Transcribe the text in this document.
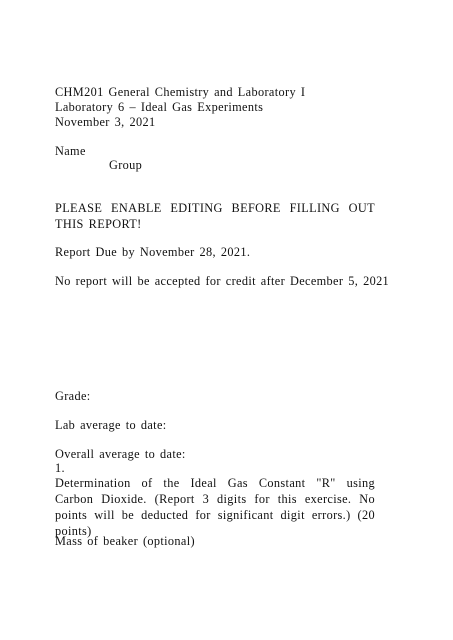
CHM201 General Chemistry and Laboratory I
Laboratory 6 – Ideal Gas Experiments
November 3, 2021
Name
Group
PLEASE ENABLE EDITING BEFORE FILLING OUT THIS REPORT!
Report Due by November 28, 2021.
No report will be accepted for credit after December 5, 2021
Grade:
Lab average to date:
Overall average to date:
1.
Determination of the Ideal Gas Constant "R" using Carbon Dioxide. (Report 3 digits for this exercise. No points will be deducted for significant digit errors.) (20 points)
Mass of beaker (optional)
